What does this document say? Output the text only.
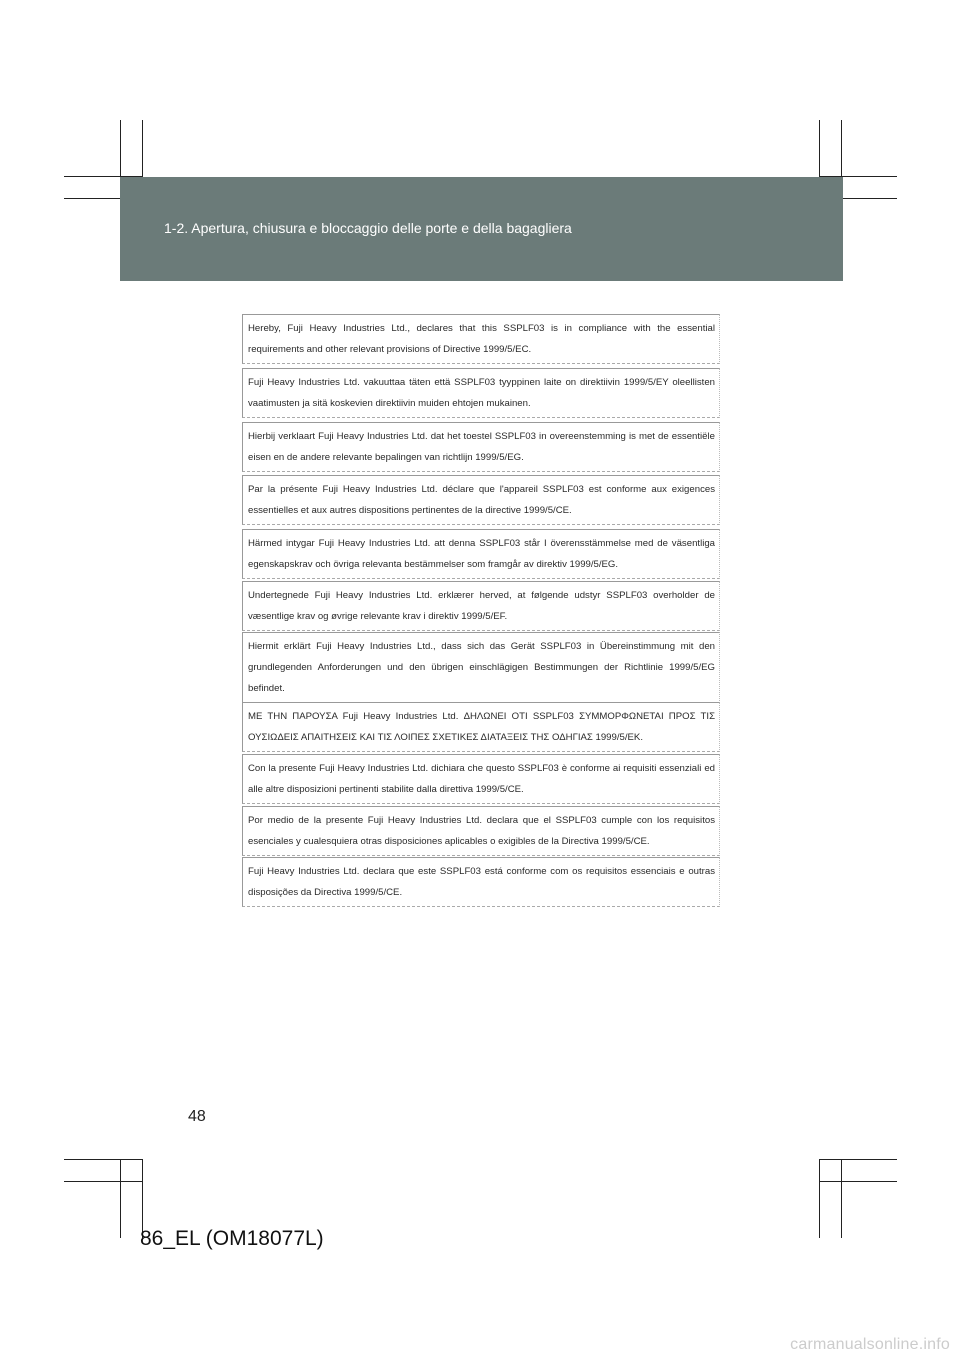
1-2. Apertura, chiusura e bloccaggio delle porte e della bagagliera
Hereby, Fuji Heavy Industries Ltd., declares that this SSPLF03 is in compliance with the essential requirements and other relevant provisions of Directive 1999/5/EC.
Fuji Heavy Industries Ltd. vakuuttaa täten että SSPLF03 tyyppinen laite on direktiivin 1999/5/EY oleellisten vaatimusten ja sitä koskevien direktiivin muiden ehtojen mukainen.
Hierbij verklaart Fuji Heavy Industries Ltd. dat het toestel SSPLF03 in overeenstemming is met de essentiële eisen en de andere relevante bepalingen van richtlijn 1999/5/EG.
Par la présente Fuji Heavy Industries Ltd. déclare que l'appareil SSPLF03 est conforme aux exigences essentielles et aux autres dispositions pertinentes de la directive 1999/5/CE.
Härmed intygar Fuji Heavy Industries Ltd. att denna SSPLF03 står I överensstämmelse med de väsentliga egenskapskrav och övriga relevanta bestämmelser som framgår av direktiv 1999/5/EG.
Undertegnede Fuji Heavy Industries Ltd. erklærer herved, at følgende udstyr SSPLF03 overholder de væsentlige krav og øvrige relevante krav i direktiv 1999/5/EF.
Hiermit erklärt Fuji Heavy Industries Ltd., dass sich das Gerät SSPLF03 in Übereinstimmung mit den grundlegenden Anforderungen und den übrigen einschlägigen Bestimmungen der Richtlinie 1999/5/EG befindet.
ΜΕ ΤΗΝ ΠΑΡΟΥΣΑ Fuji Heavy Industries Ltd. ΔΗΛΩΝΕΙ ΟΤΙ SSPLF03 ΣΥΜΜΟΡΦΩΝΕΤΑΙ ΠΡΟΣ ΤΙΣ ΟΥΣΙΩΔΕΙΣ ΑΠΑΙΤΗΣΕΙΣ ΚΑΙ ΤΙΣ ΛΟΙΠΕΣ ΣΧΕΤΙΚΕΣ ΔΙΑΤΑΞΕΙΣ ΤΗΣ ΟΔΗΓΙΑΣ 1999/5/ΕΚ.
Con la presente Fuji Heavy Industries Ltd. dichiara che questo SSPLF03 è conforme ai requisiti essenziali ed alle altre disposizioni pertinenti stabilite dalla direttiva 1999/5/CE.
Por medio de la presente Fuji Heavy Industries Ltd. declara que el SSPLF03 cumple con los requisitos esenciales y cualesquiera otras disposiciones aplicables o exigibles de la Directiva 1999/5/CE.
Fuji Heavy Industries Ltd. declara que este SSPLF03 está conforme com os requisitos essenciais e outras disposições da Directiva 1999/5/CE.
48
86_EL (OM18077L)
carmanualsonline.info
